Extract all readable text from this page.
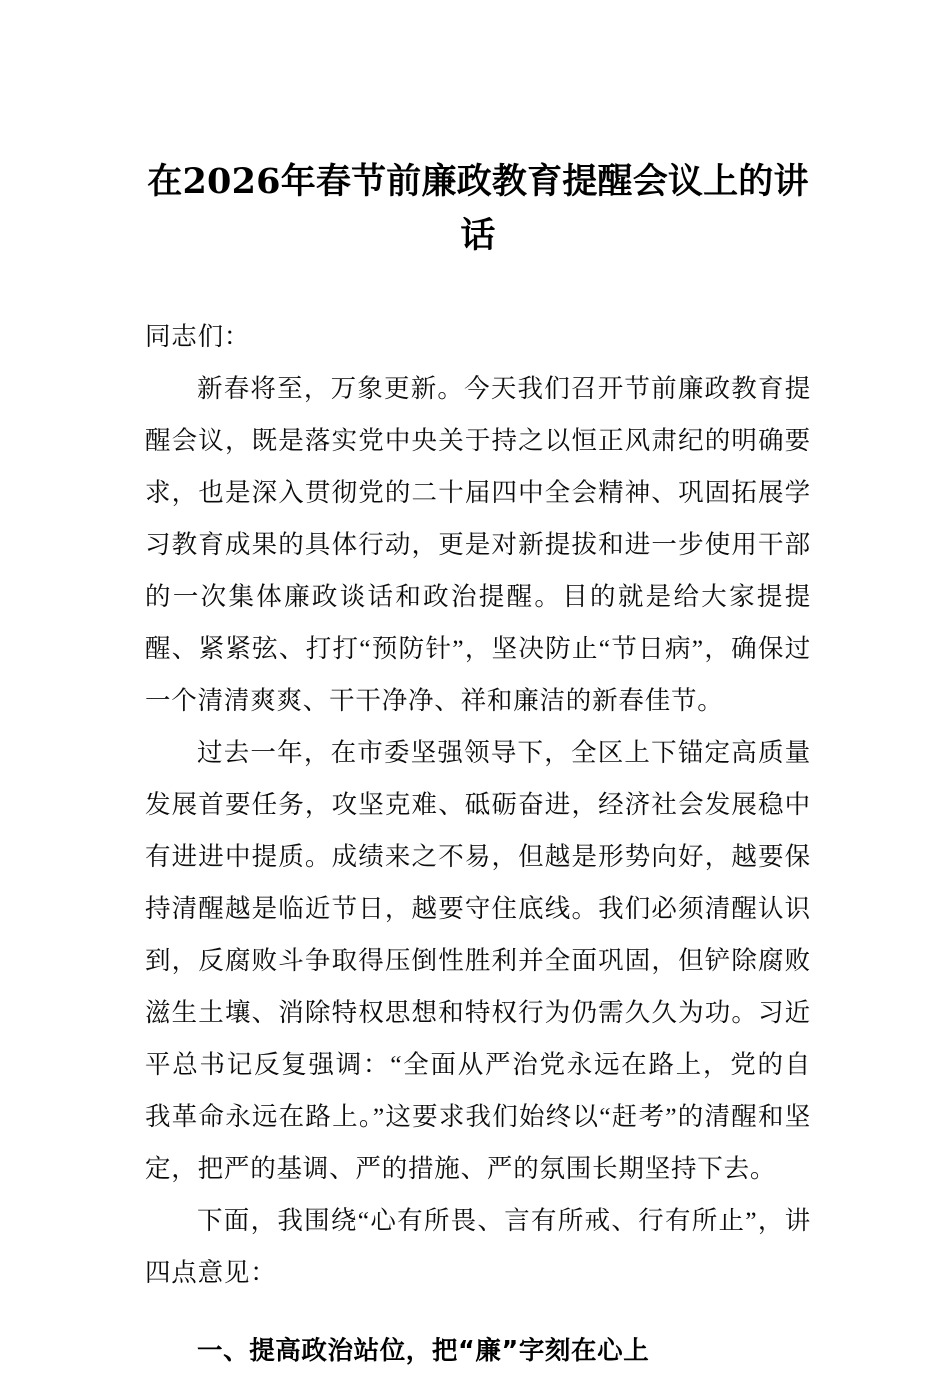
在2026年春节前廉政教育提醒会议上的讲话

同志们：

新春将至，万象更新。今天我们召开节前廉政教育提醒会议，既是落实党中央关于持之以恒正风肃纪的明确要求，也是深入贯彻党的二十届四中全会精神、巩固拓展学习教育成果的具体行动，更是对新提拔和进一步使用干部的一次集体廉政谈话和政治提醒。目的就是给大家提提醒、紧紧弦、打打“预防针”，坚决防止“节日病”，确保过一个清清爽爽、干干净净、祥和廉洁的新春佳节。

过去一年，在市委坚强领导下，全区上下锚定高质量发展首要任务，攻坚克难、砥砺奋进，经济社会发展稳中有进进中提质。成绩来之不易，但越是形势向好，越要保持清醒越是临近节日，越要守住底线。我们必须清醒认识到，反腐败斗争取得压倒性胜利并全面巩固，但铲除腐败滋生土壤、消除特权思想和特权行为仍需久久为功。习近平总书记反复强调：“全面从严治党永远在路上，党的自我革命永远在路上。”这要求我们始终以“赶考”的清醒和坚定，把严的基调、严的措施、严的氛围长期坚持下去。

下面，我围绕“心有所畏、言有所戒、行有所止”，讲四点意见：

一、提高政治站位，把“廉”字刻在心上
